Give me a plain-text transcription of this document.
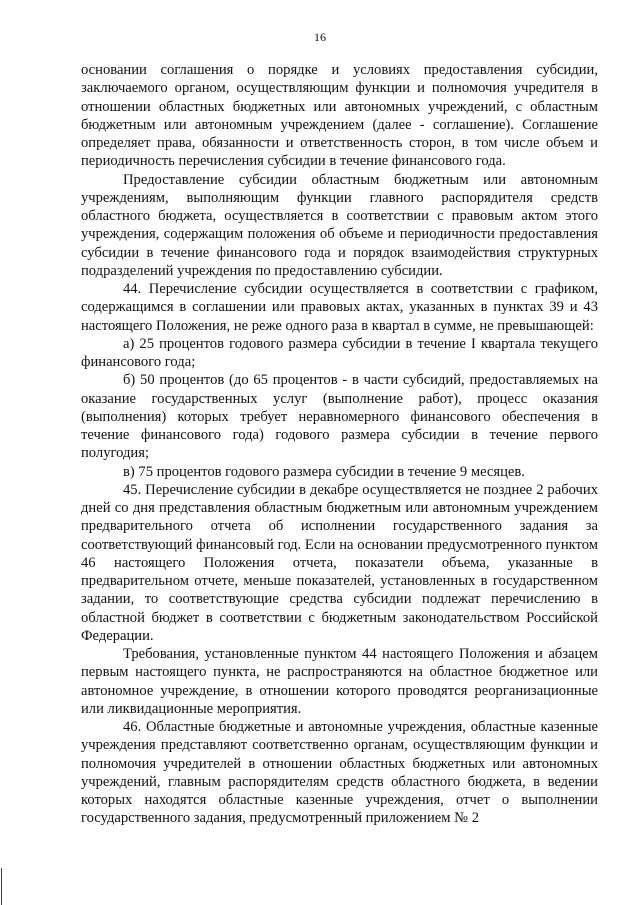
16

основании соглашения о порядке и условиях предоставления субсидии, заключаемого органом, осуществляющим функции и полномочия учредителя в отношении областных бюджетных или автономных учреждений, с областным бюджетным или автономным учреждением (далее - соглашение). Соглашение определяет права, обязанности и ответственность сторон, в том числе объем и периодичность перечисления субсидии в течение финансового года.

Предоставление субсидии областным бюджетным или автономным учреждениям, выполняющим функции главного распорядителя средств областного бюджета, осуществляется в соответствии с правовым актом этого учреждения, содержащим положения об объеме и периодичности предоставления субсидии в течение финансового года и порядок взаимодействия структурных подразделений учреждения по предоставлению субсидии.

44. Перечисление субсидии осуществляется в соответствии с графиком, содержащимся в соглашении или правовых актах, указанных в пунктах 39 и 43 настоящего Положения, не реже одного раза в квартал в сумме, не превышающей:

а) 25 процентов годового размера субсидии в течение I квартала текущего финансового года;

б) 50 процентов (до 65 процентов - в части субсидий, предоставляемых на оказание государственных услуг (выполнение работ), процесс оказания (выполнения) которых требует неравномерного финансового обеспечения в течение финансового года) годового размера субсидии в течение первого полугодия;

в) 75 процентов годового размера субсидии в течение 9 месяцев.

45. Перечисление субсидии в декабре осуществляется не позднее 2 рабочих дней со дня представления областным бюджетным или автономным учреждением предварительного отчета об исполнении государственного задания за соответствующий финансовый год. Если на основании предусмотренного пунктом 46 настоящего Положения отчета, показатели объема, указанные в предварительном отчете, меньше показателей, установленных в государственном задании, то соответствующие средства субсидии подлежат перечислению в областной бюджет в соответствии с бюджетным законодательством Российской Федерации.

Требования, установленные пунктом 44 настоящего Положения и абзацем первым настоящего пункта, не распространяются на областное бюджетное или автономное учреждение, в отношении которого проводятся реорганизационные или ликвидационные мероприятия.

46. Областные бюджетные и автономные учреждения, областные казенные учреждения представляют соответственно органам, осуществляющим функции и полномочия учредителей в отношении областных бюджетных или автономных учреждений, главным распорядителям средств областного бюджета, в ведении которых находятся областные казенные учреждения, отчет о выполнении государственного задания, предусмотренный приложением № 2
